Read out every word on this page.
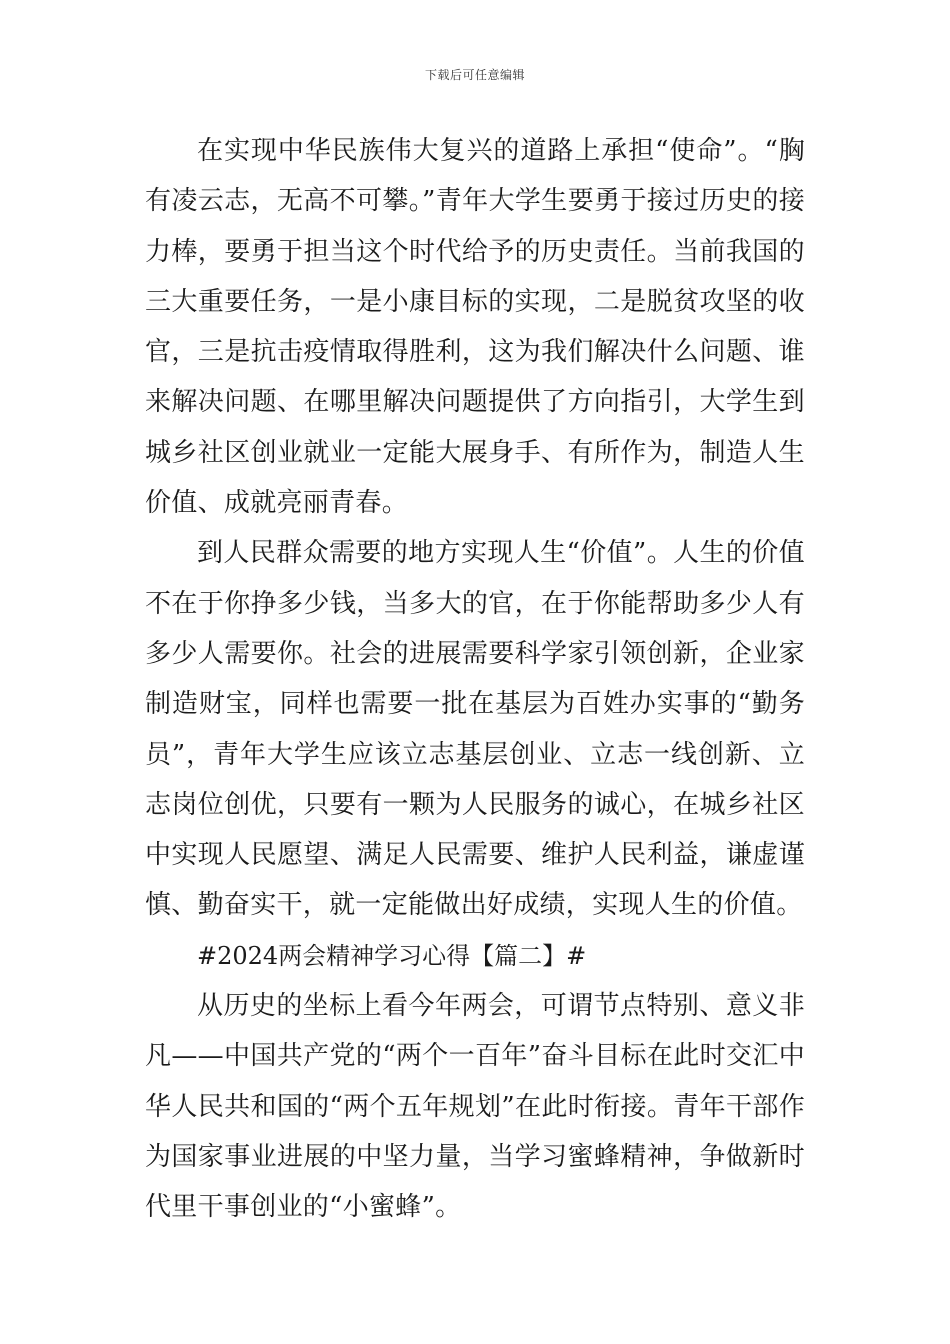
下载后可任意编辑

在实现中华民族伟大复兴的道路上承担“使命”。“胸有凌云志，无高不可攀。”青年大学生要勇于接过历史的接力棒，要勇于担当这个时代给予的历史责任。当前我国的三大重要任务，一是小康目标的实现，二是脱贫攻坚的收官，三是抗击疫情取得胜利，这为我们解决什么问题、谁来解决问题、在哪里解决问题提供了方向指引，大学生到城乡社区创业就业一定能大展身手、有所作为，制造人生价值、成就亮丽青春。

到人民群众需要的地方实现人生“价值”。人生的价值不在于你挣多少钱，当多大的官，在于你能帮助多少人有多少人需要你。社会的进展需要科学家引领创新，企业家制造财宝，同样也需要一批在基层为百姓办实事的“勤务员”，青年大学生应该立志基层创业、立志一线创新、立志岗位创优，只要有一颗为人民服务的诚心，在城乡社区中实现人民愿望、满足人民需要、维护人民利益，谦虚谨慎、勤奋实干，就一定能做出好成绩，实现人生的价值。

#2024两会精神学习心得【篇二】#

从历史的坐标上看今年两会，可谓节点特别、意义非凡——中国共产党的“两个一百年”奋斗目标在此时交汇中华人民共和国的“两个五年规划”在此时衔接。青年干部作为国家事业进展的中坚力量，当学习蜜蜂精神，争做新时代里干事创业的“小蜜蜂”。
